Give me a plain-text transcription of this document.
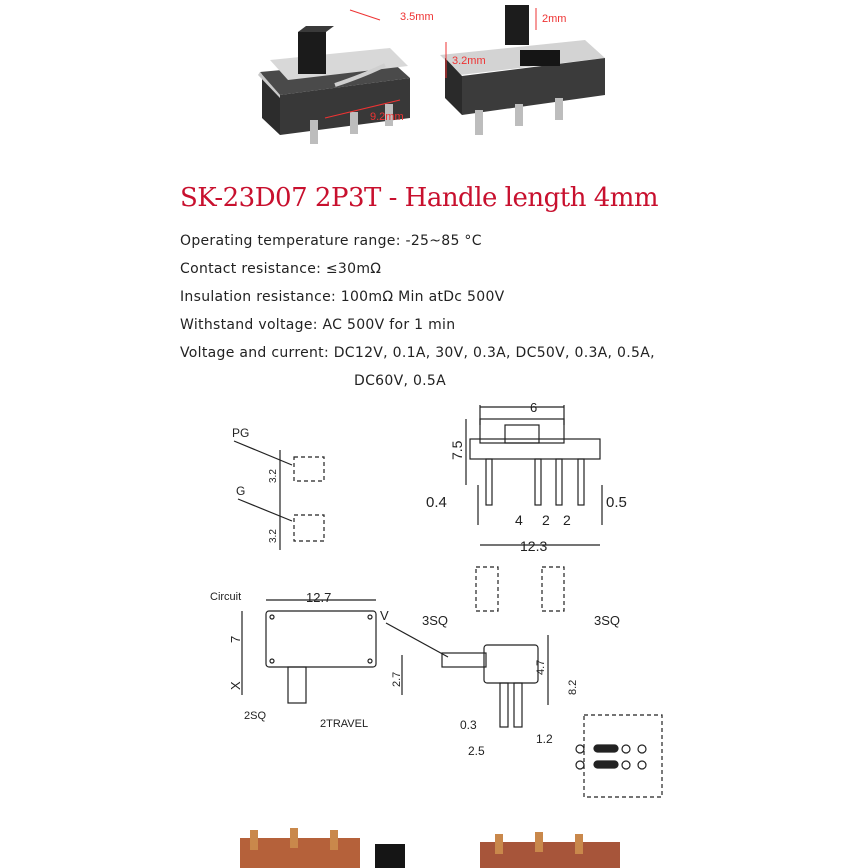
3.5mm	2mm
3.2mm
9.2mm
SK-23D07 2P3T - Handle length 4mm
Operating temperature range: -25~85 °C
Contact resistance: ≤30mΩ
Insulation resistance: 100mΩ Min atDc 500V
Withstand voltage: AC 500V for 1 min
Voltage and current: DC12V, 0.1A, 30V, 0.3A, DC50V, 0.3A, 0.5A,
DC60V, 0.5A
PG
G
3.2
3.2
6
7.5
0.4	0.5
4 2 2
12.3
Circuit	12.7
7
X
2SQ
2TRAVEL
3SQ	3SQ
V
2.7
4.7
8.2
0.3
2.5
1.2
